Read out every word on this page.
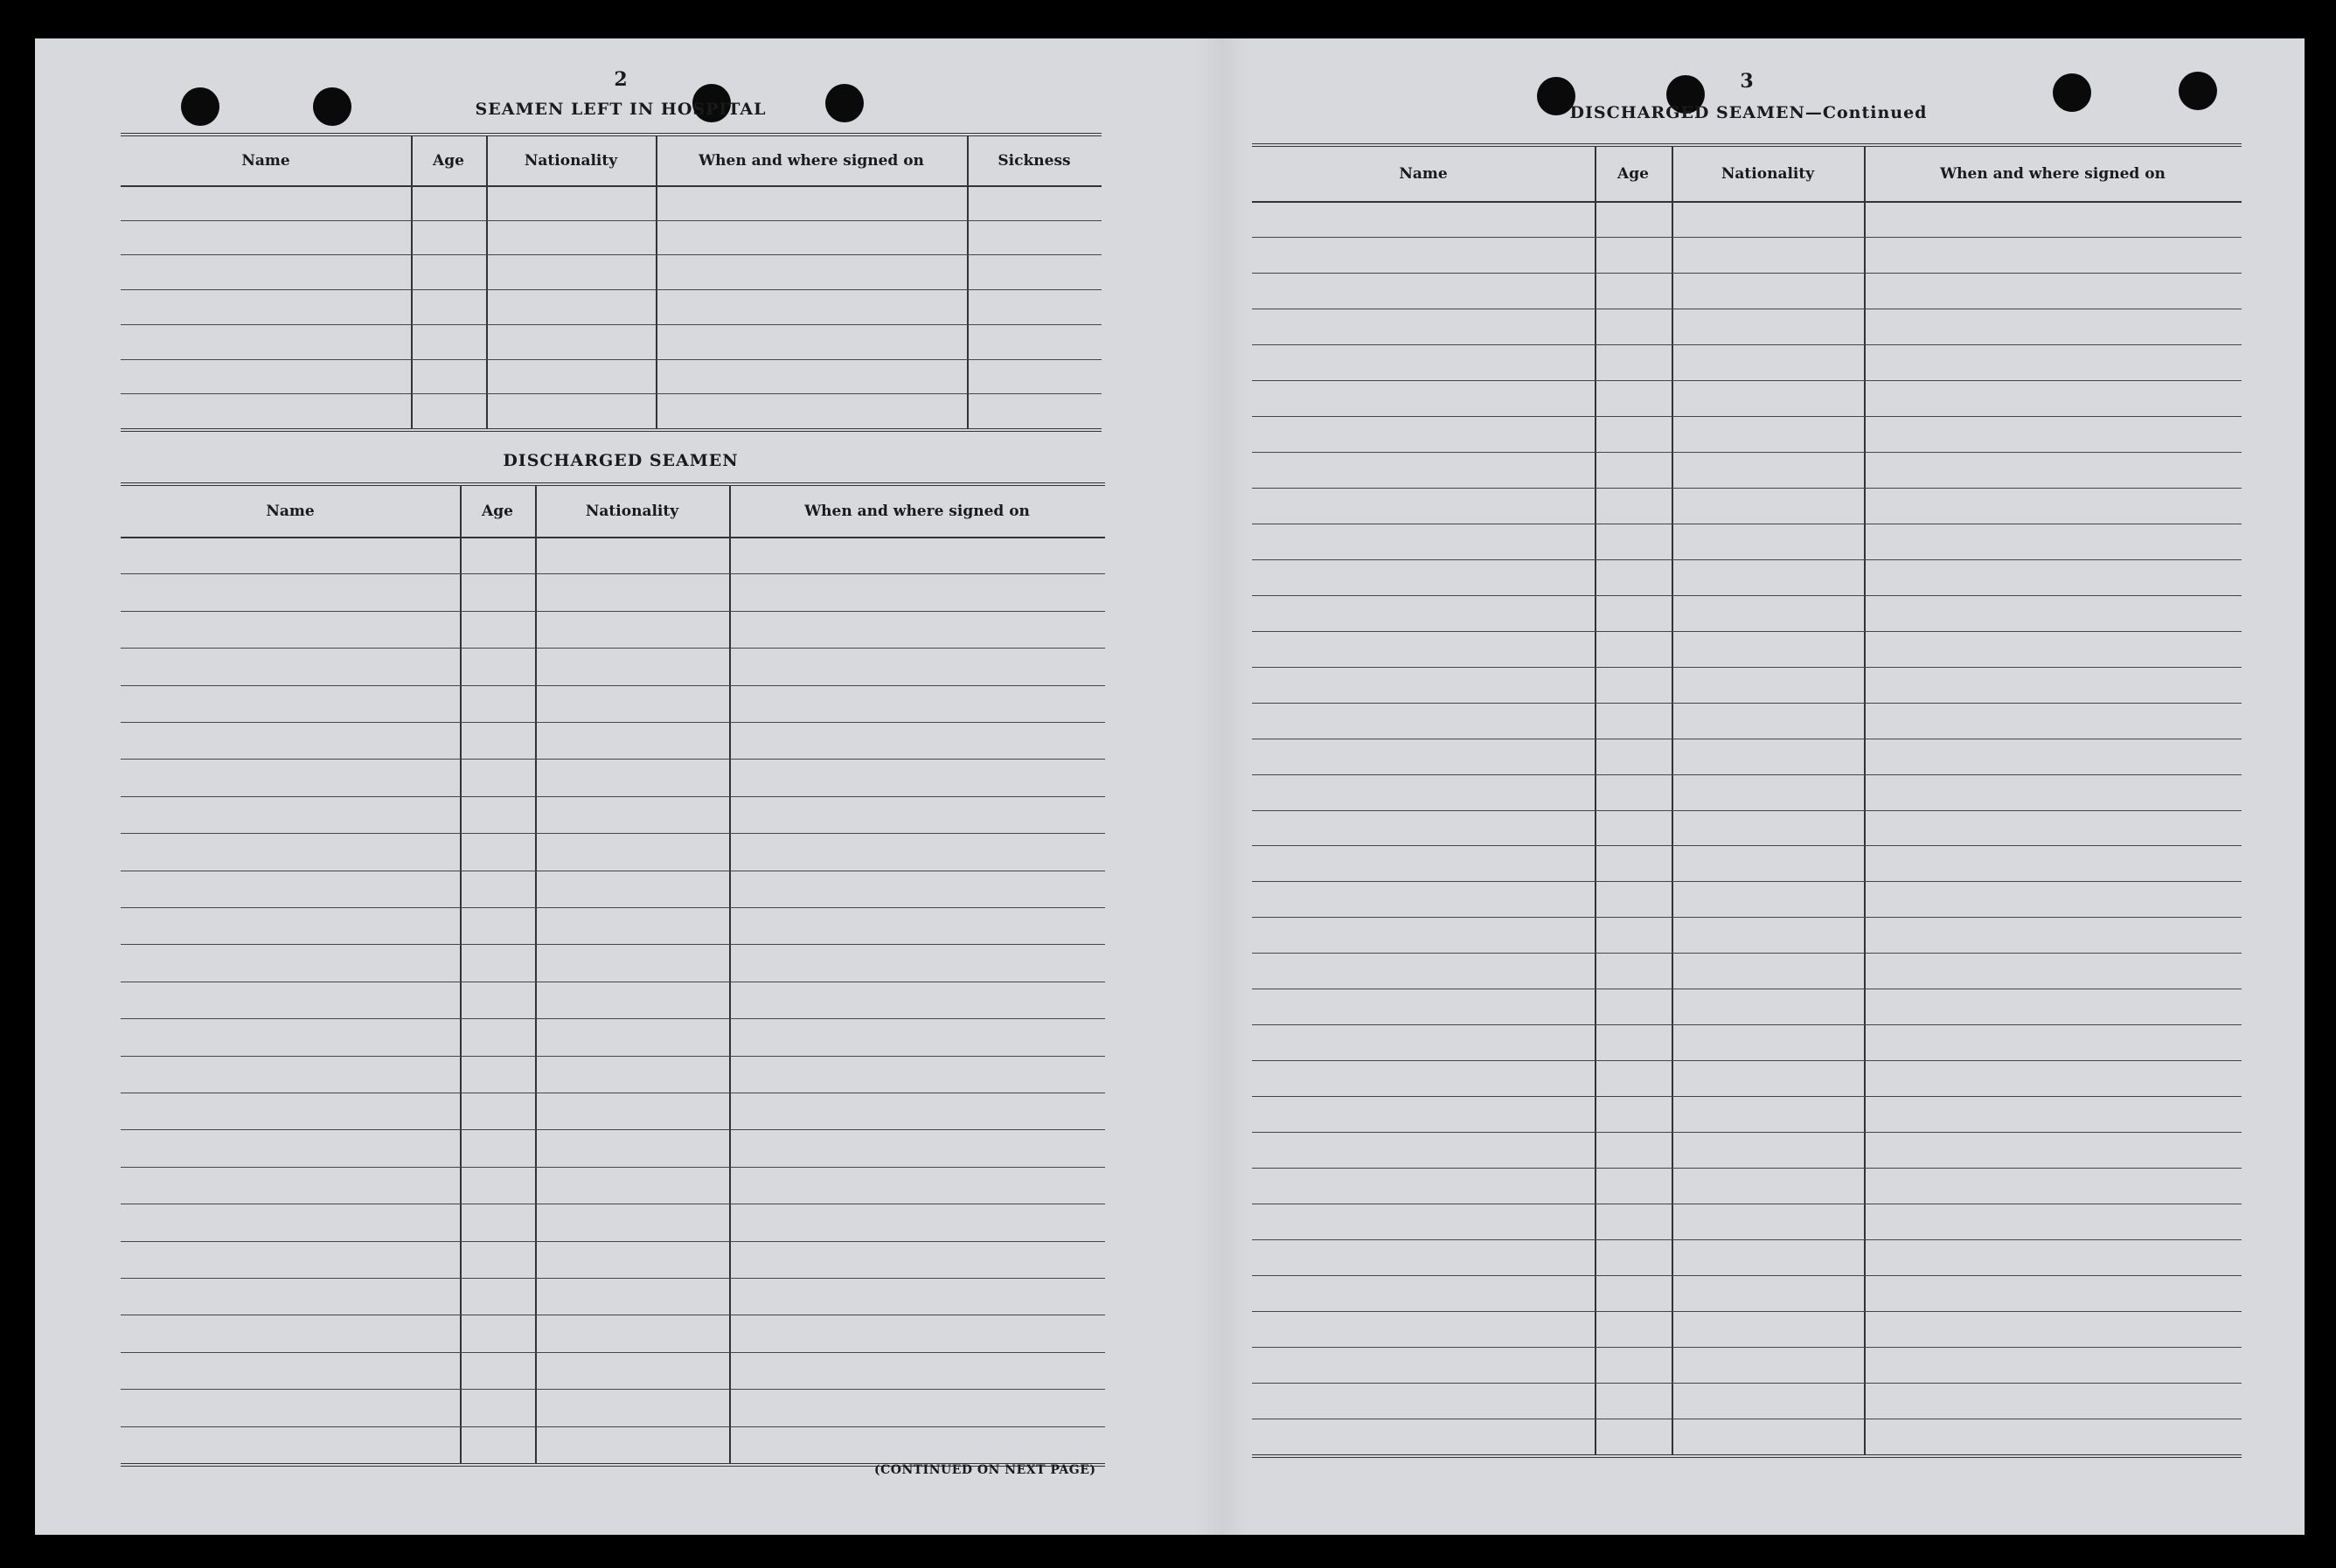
2
SEAMEN LEFT IN HOSPITAL
Name	Age	Nationality	When and where signed on	Sickness
DISCHARGED SEAMEN
Name	Age	Nationality	When and where signed on
(CONTINUED ON NEXT PAGE)
3
DISCHARGED SEAMEN—Continued
Name	Age	Nationality	When and where signed on
